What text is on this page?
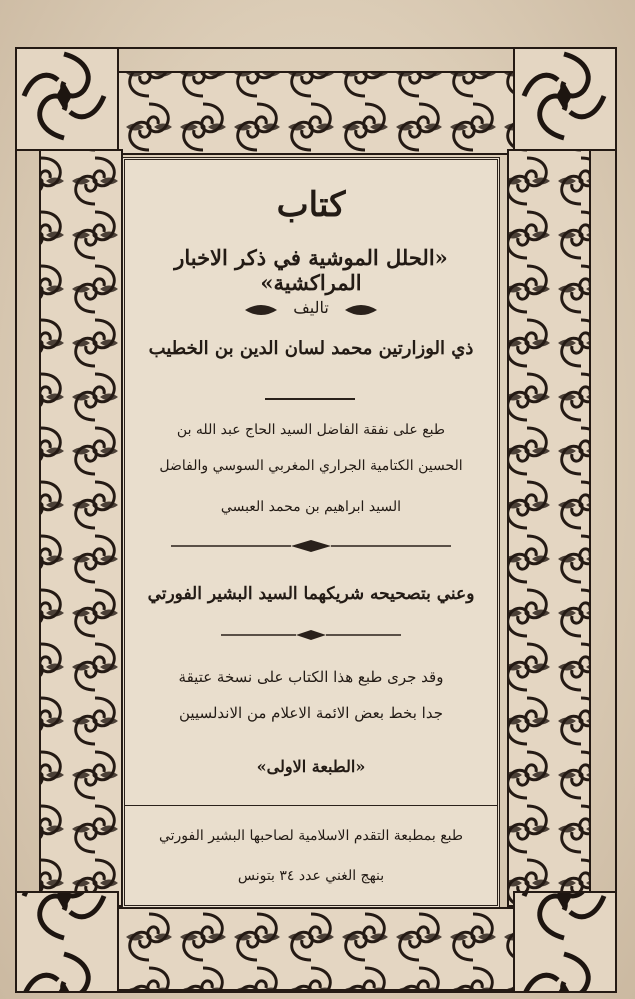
كتاب
«الحلل الموشية في ذكر الاخبار المراكشية»
تاليف
ذي الوزارتين محمد لسان الدين بن الخطيب
طبع على نفقة الفاضل السيد الحاج عبد الله بن
الحسين الكتامية الجراري المغربي السوسي والفاضل
السيد ابراهيم بن محمد العبسي
وعني بتصحيحه شريكهما السيد البشير الفورتي
وقد جرى طبع هذا الكتاب على نسخة عتيقة
جدا بخط بعض الائمة الاعلام من الاندلسيين
«الطبعة الاولى»
طبع بمطبعة التقدم الاسلامية لصاحبها البشير الفورتي
بنهج الغني عدد ٣٤ بتونس
